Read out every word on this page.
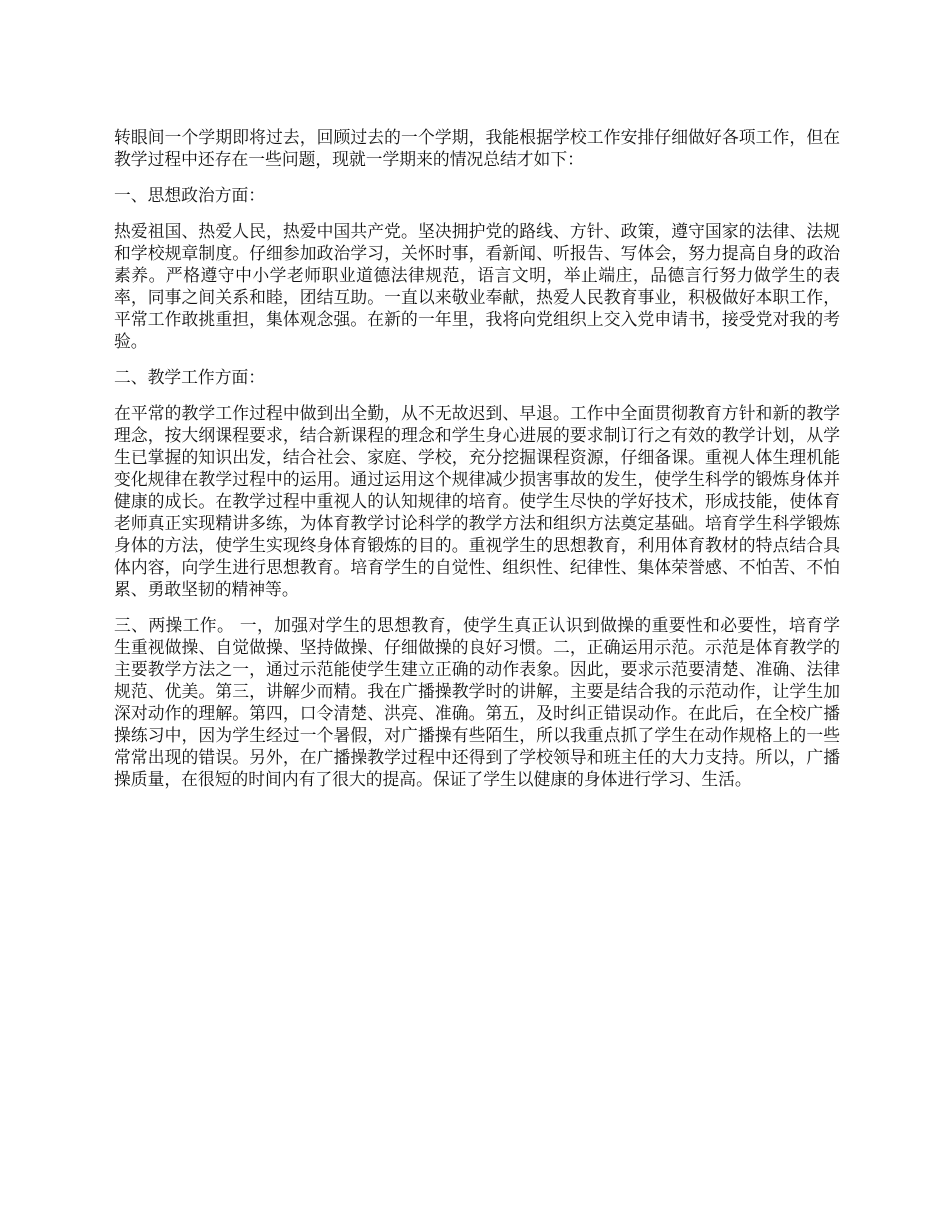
转眼间一个学期即将过去，回顾过去的一个学期，我能根据学校工作安排仔细做好各项工作，但在教学过程中还存在一些问题，现就一学期来的情况总结才如下：

一、思想政治方面：

热爱祖国、热爱人民，热爱中国共产党。坚决拥护党的路线、方针、政策，遵守国家的法律、法规和学校规章制度。仔细参加政治学习，关怀时事，看新闻、听报告、写体会，努力提高自身的政治素养。严格遵守中小学老师职业道德法律规范，语言文明，举止端庄，品德言行努力做学生的表率，同事之间关系和睦，团结互助。一直以来敬业奉献，热爱人民教育事业，积极做好本职工作，平常工作敢挑重担，集体观念强。在新的一年里，我将向党组织上交入党申请书，接受党对我的考验。

二、教学工作方面：

在平常的教学工作过程中做到出全勤，从不无故迟到、早退。工作中全面贯彻教育方针和新的教学理念，按大纲课程要求，结合新课程的理念和学生身心进展的要求制订行之有效的教学计划，从学生已掌握的知识出发，结合社会、家庭、学校，充分挖掘课程资源，仔细备课。重视人体生理机能变化规律在教学过程中的运用。通过运用这个规律减少损害事故的发生，使学生科学的锻炼身体并健康的成长。在教学过程中重视人的认知规律的培育。使学生尽快的学好技术，形成技能，使体育老师真正实现精讲多练，为体育教学讨论科学的教学方法和组织方法奠定基础。培育学生科学锻炼身体的方法，使学生实现终身体育锻炼的目的。重视学生的思想教育，利用体育教材的特点结合具体内容，向学生进行思想教育。培育学生的自觉性、组织性、纪律性、集体荣誉感、不怕苦、不怕累、勇敢坚韧的精神等。

三、两操工作。 一，加强对学生的思想教育，使学生真正认识到做操的重要性和必要性，培育学生重视做操、自觉做操、坚持做操、仔细做操的良好习惯。二，正确运用示范。示范是体育教学的主要教学方法之一，通过示范能使学生建立正确的动作表象。因此，要求示范要清楚、准确、法律规范、优美。第三，讲解少而精。我在广播操教学时的讲解，主要是结合我的示范动作，让学生加深对动作的理解。第四，口令清楚、洪亮、准确。第五，及时纠正错误动作。在此后，在全校广播操练习中，因为学生经过一个暑假，对广播操有些陌生，所以我重点抓了学生在动作规格上的一些常常出现的错误。另外，在广播操教学过程中还得到了学校领导和班主任的大力支持。所以，广播操质量，在很短的时间内有了很大的提高。保证了学生以健康的身体进行学习、生活。
